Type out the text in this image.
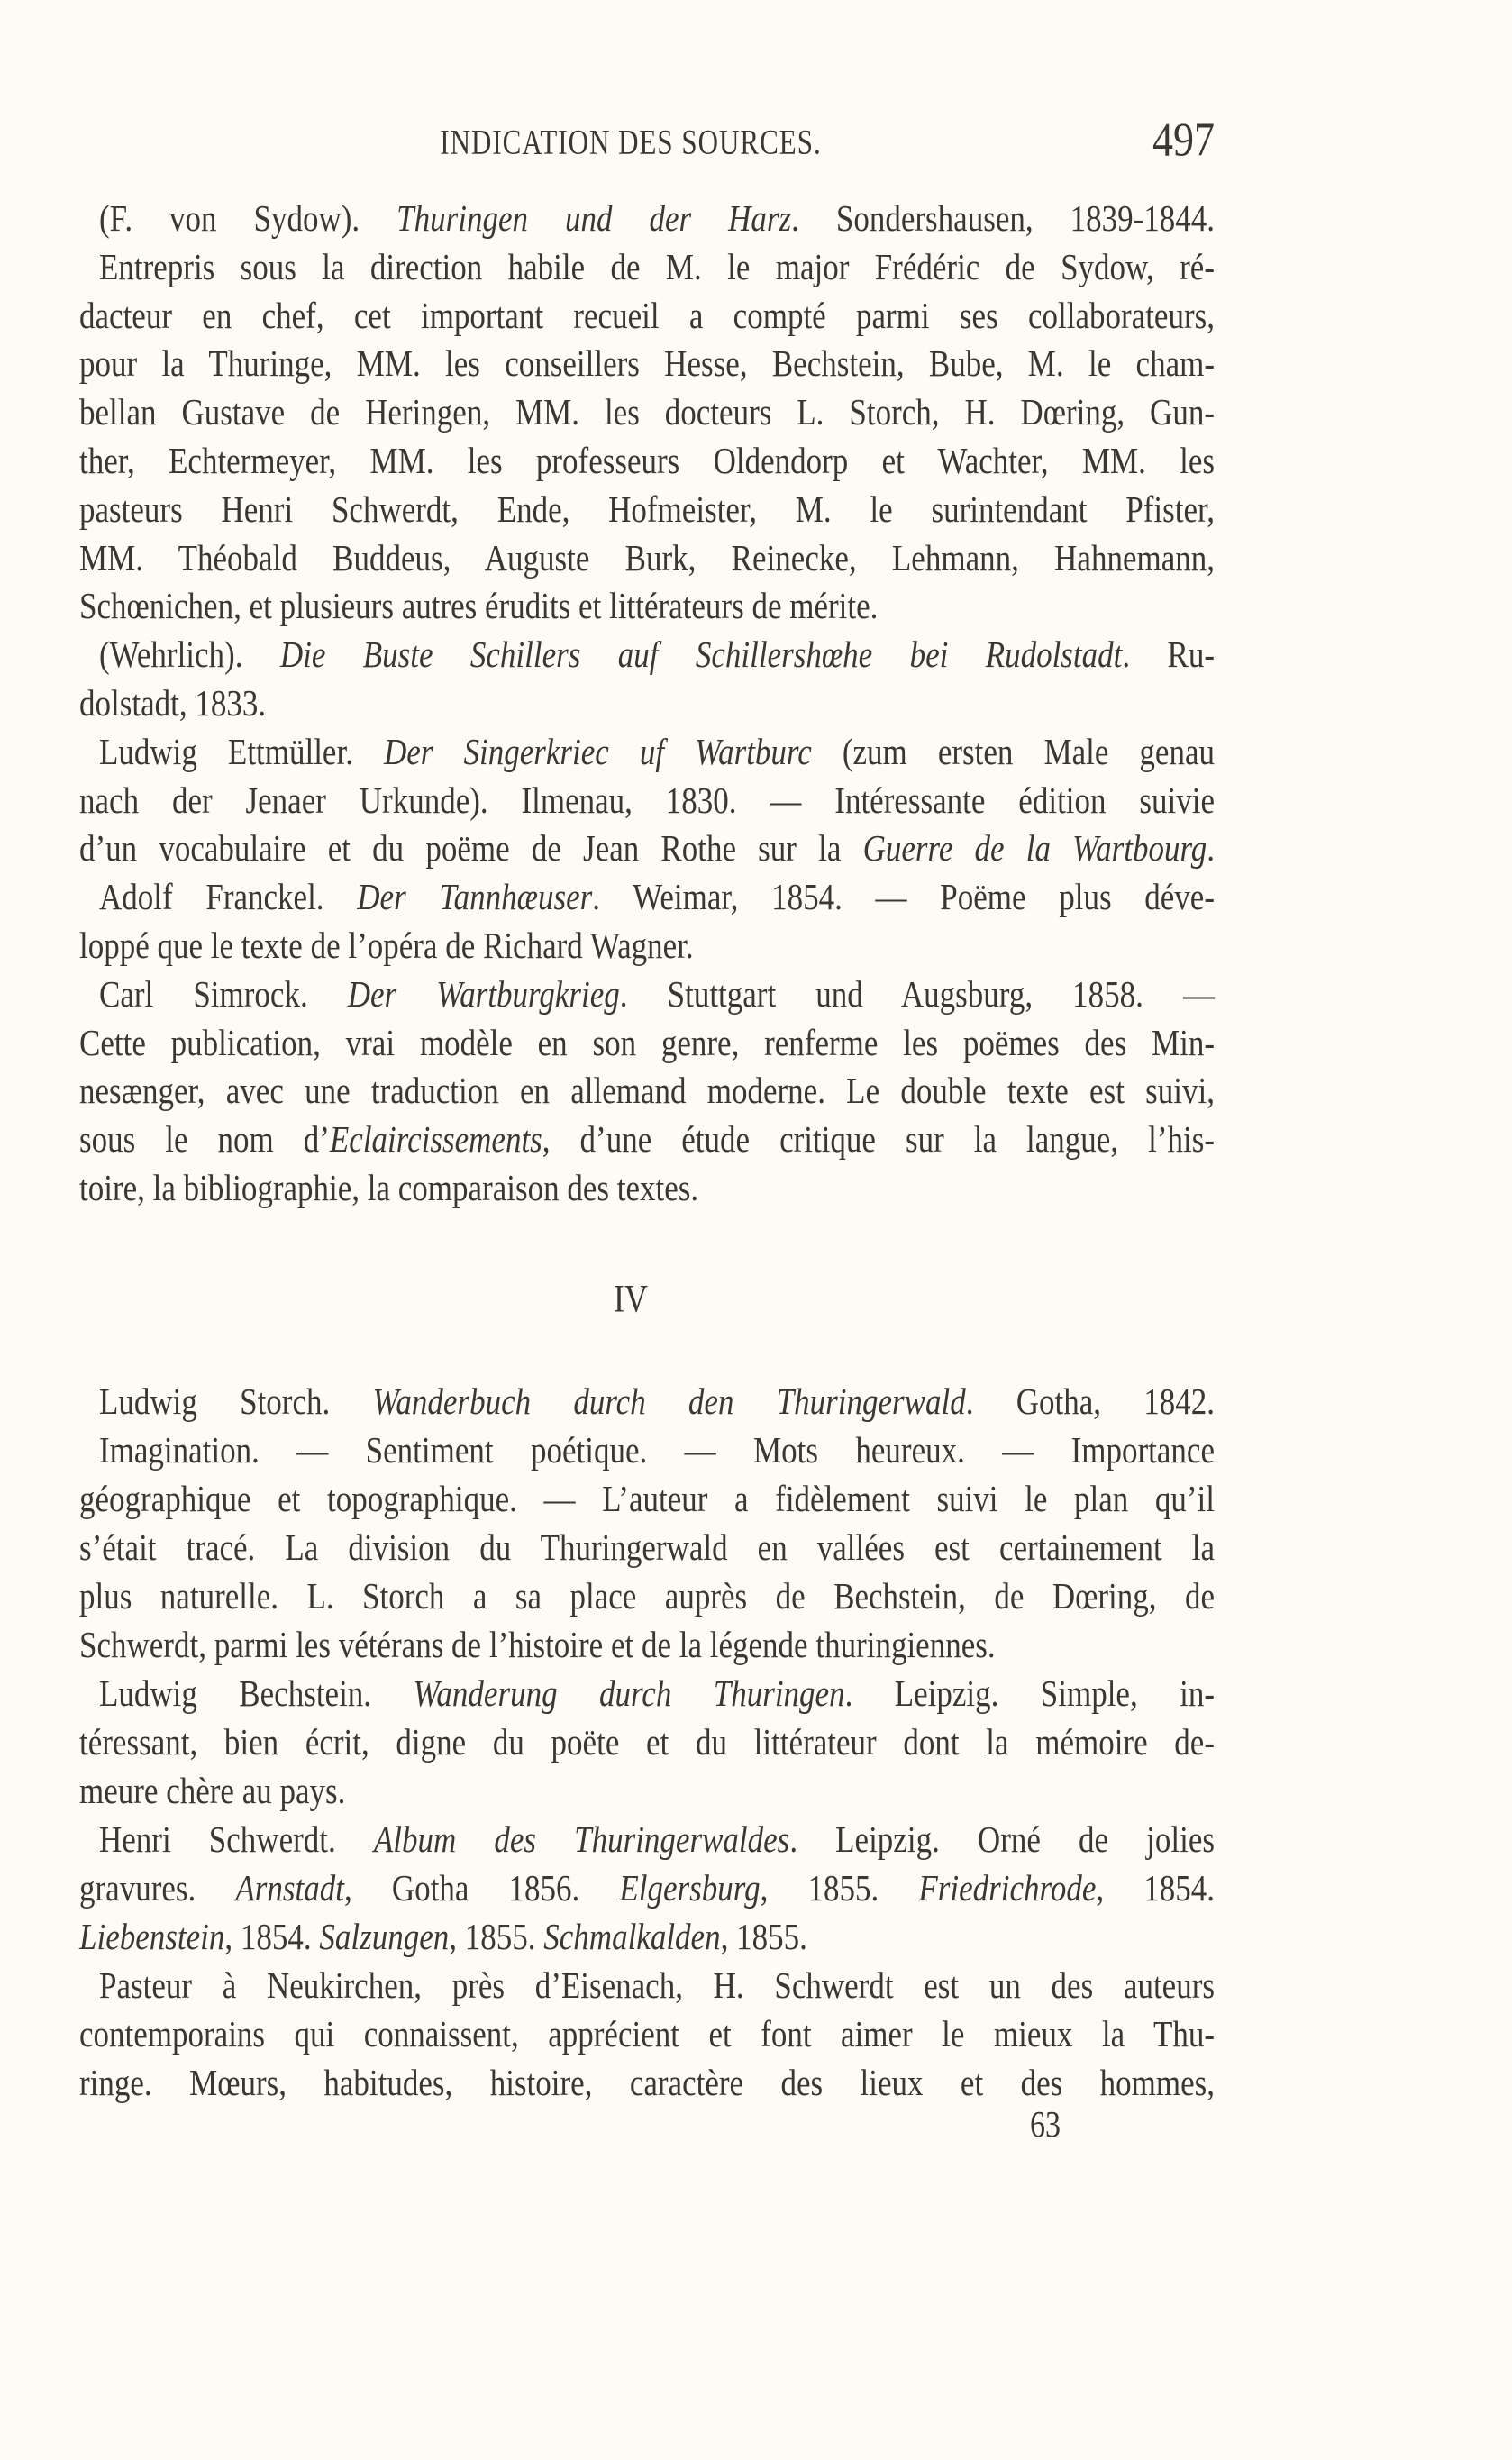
INDICATION DES SOURCES.	497
(F. von Sydow). Thuringen und der Harz. Sondershausen, 1839-1844.
Entrepris sous la direction habile de M. le major Frédéric de Sydow, ré-
dacteur en chef, cet important recueil a compté parmi ses collaborateurs,
pour la Thuringe, MM. les conseillers Hesse, Bechstein, Bube, M. le cham-
bellan Gustave de Heringen, MM. les docteurs L. Storch, H. Dœring, Gun-
ther, Echtermeyer, MM. les professeurs Oldendorp et Wachter, MM. les
pasteurs Henri Schwerdt, Ende, Hofmeister, M. le surintendant Pfister,
MM. Théobald Buddeus, Auguste Burk, Reinecke, Lehmann, Hahnemann,
Schœnichen, et plusieurs autres érudits et littérateurs de mérite.
(Wehrlich). Die Buste Schillers auf Schillershœhe bei Rudolstadt. Ru-
dolstadt, 1833.
Ludwig Ettmüller. Der Singerkriec uf Wartburc (zum ersten Male genau
nach der Jenaer Urkunde). Ilmenau, 1830. — Intéressante édition suivie
d’un vocabulaire et du poëme de Jean Rothe sur la Guerre de la Wartbourg.
Adolf Franckel. Der Tannhæuser. Weimar, 1854. — Poëme plus déve-
loppé que le texte de l’opéra de Richard Wagner.
Carl Simrock. Der Wartburgkrieg. Stuttgart und Augsburg, 1858. —
Cette publication, vrai modèle en son genre, renferme les poëmes des Min-
nesænger, avec une traduction en allemand moderne. Le double texte est suivi,
sous le nom d’Eclaircissements, d’une étude critique sur la langue, l’his-
toire, la bibliographie, la comparaison des textes.
IV
Ludwig Storch. Wanderbuch durch den Thuringerwald. Gotha, 1842.
Imagination. — Sentiment poétique. — Mots heureux. — Importance
géographique et topographique. — L’auteur a fidèlement suivi le plan qu’il
s’était tracé. La division du Thuringerwald en vallées est certainement la
plus naturelle. L. Storch a sa place auprès de Bechstein, de Dœring, de
Schwerdt, parmi les vétérans de l’histoire et de la légende thuringiennes.
Ludwig Bechstein. Wanderung durch Thuringen. Leipzig. Simple, in-
téressant, bien écrit, digne du poëte et du littérateur dont la mémoire de-
meure chère au pays.
Henri Schwerdt. Album des Thuringerwaldes. Leipzig. Orné de jolies
gravures. Arnstadt, Gotha 1856. Elgersburg, 1855. Friedrichrode, 1854.
Liebenstein, 1854. Salzungen, 1855. Schmalkalden, 1855.
Pasteur à Neukirchen, près d’Eisenach, H. Schwerdt est un des auteurs
contemporains qui connaissent, apprécient et font aimer le mieux la Thu-
ringe. Mœurs, habitudes, histoire, caractère des lieux et des hommes,
63
